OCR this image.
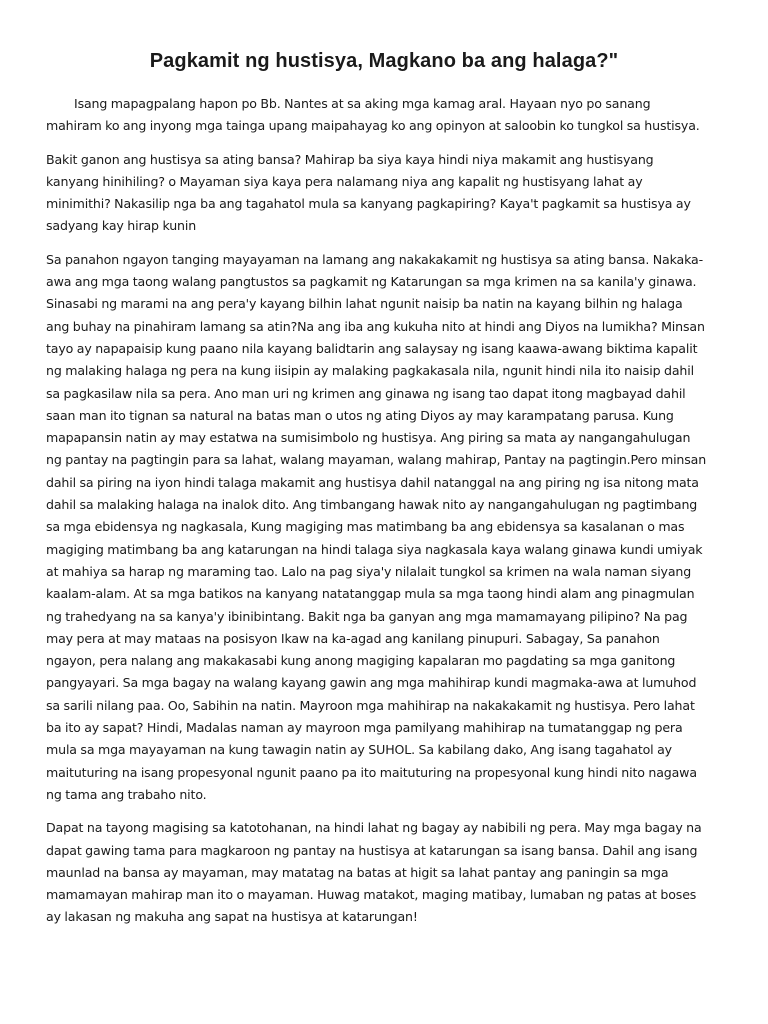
Pagkamit ng hustisya, Magkano ba ang halaga?"

Isang mapagpalang hapon po Bb. Nantes at sa aking mga kamag aral. Hayaan nyo po sanang mahiram ko ang inyong mga tainga upang maipahayag ko ang opinyon at saloobin ko tungkol sa hustisya.

Bakit ganon ang hustisya sa ating bansa? Mahirap ba siya kaya hindi niya makamit ang hustisyang kanyang hinihiling? o Mayaman siya kaya pera nalamang niya ang kapalit ng hustisyang lahat ay minimithi? Nakasilip nga ba ang tagahatol mula sa kanyang pagkapiring? Kaya't pagkamit sa hustisya ay sadyang kay hirap kunin

Sa panahon ngayon tanging mayayaman na lamang ang nakakakamit ng hustisya sa ating bansa. Nakaka-awa ang mga taong walang pangtustos sa pagkamit ng Katarungan sa mga krimen na sa kanila'y ginawa. Sinasabi ng marami na ang pera'y kayang bilhin lahat ngunit naisip ba natin na kayang bilhin ng halaga ang buhay na pinahiram lamang sa atin?Na ang iba ang kukuha nito at hindi ang Diyos na lumikha? Minsan tayo ay napapaisip kung paano nila kayang balidtarin ang salaysay ng isang kaawa-awang biktima kapalit ng malaking halaga ng pera na kung iisipin ay malaking pagkakasala nila, ngunit hindi nila ito naisip dahil sa pagkasilaw nila sa pera. Ano man uri ng krimen ang ginawa ng isang tao dapat itong magbayad dahil saan man ito tignan sa natural na batas man o utos ng ating Diyos ay may karampatang parusa. Kung mapapansin natin ay may estatwa na sumisimbolo ng hustisya. Ang piring sa mata ay nangangahulugan ng pantay na pagtingin para sa lahat, walang mayaman, walang mahirap, Pantay na pagtingin.Pero minsan dahil sa piring na iyon hindi talaga makamit ang hustisya dahil natanggal na ang piring ng isa nitong mata dahil sa malaking halaga na inalok dito. Ang timbangang hawak nito ay nangangahulugan ng pagtimbang sa mga ebidensya ng nagkasala, Kung magiging mas matimbang ba ang ebidensya sa kasalanan o mas magiging matimbang ba ang katarungan na hindi talaga siya nagkasala kaya walang ginawa kundi umiyak at mahiya sa harap ng maraming tao. Lalo na pag siya'y nilalait tungkol sa krimen na wala naman siyang kaalam-alam. At sa mga batikos na kanyang natatanggap mula sa mga taong hindi alam ang pinagmulan ng trahedyang na sa kanya'y ibinibintang. Bakit nga ba ganyan ang mga mamamayang pilipino? Na pag may pera at may mataas na posisyon Ikaw na ka-agad ang kanilang pinupuri. Sabagay, Sa panahon ngayon, pera nalang ang makakasabi kung anong magiging kapalaran mo pagdating sa mga ganitong pangyayari. Sa mga bagay na walang kayang gawin ang mga mahihirap kundi magmaka-awa at lumuhod sa sarili nilang paa. Oo, Sabihin na natin. Mayroon mga mahihirap na nakakakamit ng hustisya. Pero lahat ba ito ay sapat? Hindi, Madalas naman ay mayroon mga pamilyang mahihirap na tumatanggap ng pera mula sa mga mayayaman na kung tawagin natin ay SUHOL. Sa kabilang dako, Ang isang tagahatol ay maituturing na isang propesyonal ngunit paano pa ito maituturing na propesyonal kung hindi nito nagawa ng tama ang trabaho nito.

Dapat na tayong magising sa katotohanan, na hindi lahat ng bagay ay nabibili ng pera. May mga bagay na dapat gawing tama para magkaroon ng pantay na hustisya at katarungan sa isang bansa. Dahil ang isang maunlad na bansa ay mayaman, may matatag na batas at higit sa lahat pantay ang paningin sa mga mamamayan mahirap man ito o mayaman. Huwag matakot, maging matibay, lumaban ng patas at boses ay lakasan ng makuha ang sapat na hustisya at katarungan!
